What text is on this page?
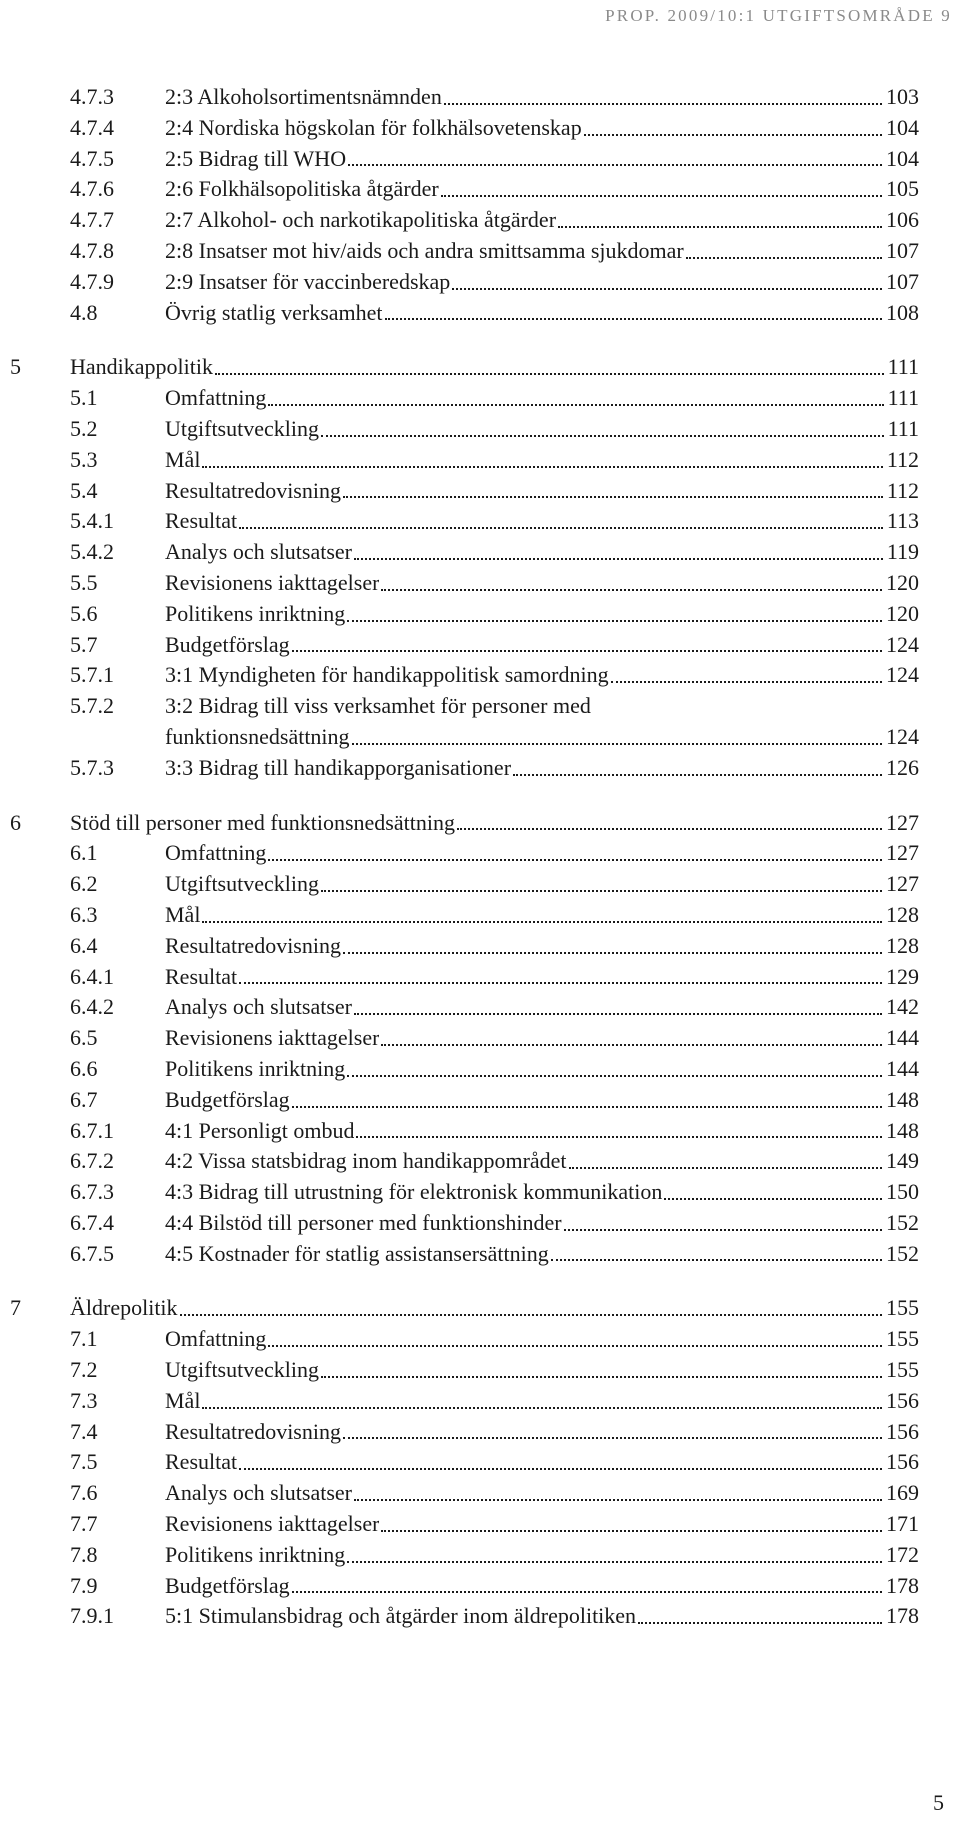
PROP. 2009/10:1 UTGIFTSOMRÅDE 9
4.7.3	2:3 Alkoholsortimentsnämnden	103
4.7.4	2:4 Nordiska högskolan för folkhälsovetenskap	104
4.7.5	2:5 Bidrag till WHO	104
4.7.6	2:6 Folkhälsopolitiska åtgärder	105
4.7.7	2:7 Alkohol- och narkotikapolitiska åtgärder	106
4.7.8	2:8 Insatser mot hiv/aids och andra smittsamma sjukdomar	107
4.7.9	2:9 Insatser för vaccinberedskap	107
4.8	Övrig statlig verksamhet	108
5	Handikappolitik	111
5.1	Omfattning	111
5.2	Utgiftsutveckling	111
5.3	Mål	112
5.4	Resultatredovisning	112
5.4.1	Resultat	113
5.4.2	Analys och slutsatser	119
5.5	Revisionens iakttagelser	120
5.6	Politikens inriktning	120
5.7	Budgetförslag	124
5.7.1	3:1 Myndigheten för handikappolitisk samordning	124
5.7.2	3:2 Bidrag till viss verksamhet för personer med
funktionsnedsättning	124
5.7.3	3:3 Bidrag till handikapporganisationer	126
6	Stöd till personer med funktionsnedsättning	127
6.1	Omfattning	127
6.2	Utgiftsutveckling	127
6.3	Mål	128
6.4	Resultatredovisning	128
6.4.1	Resultat	129
6.4.2	Analys och slutsatser	142
6.5	Revisionens iakttagelser	144
6.6	Politikens inriktning	144
6.7	Budgetförslag	148
6.7.1	4:1 Personligt ombud	148
6.7.2	4:2 Vissa statsbidrag inom handikappområdet	149
6.7.3	4:3 Bidrag till utrustning för elektronisk kommunikation	150
6.7.4	4:4 Bilstöd till personer med funktionshinder	152
6.7.5	4:5 Kostnader för statlig assistansersättning	152
7	Äldrepolitik	155
7.1	Omfattning	155
7.2	Utgiftsutveckling	155
7.3	Mål	156
7.4	Resultatredovisning	156
7.5	Resultat	156
7.6	Analys och slutsatser	169
7.7	Revisionens iakttagelser	171
7.8	Politikens inriktning	172
7.9	Budgetförslag	178
7.9.1	5:1 Stimulansbidrag och åtgärder inom äldrepolitiken	178
5
